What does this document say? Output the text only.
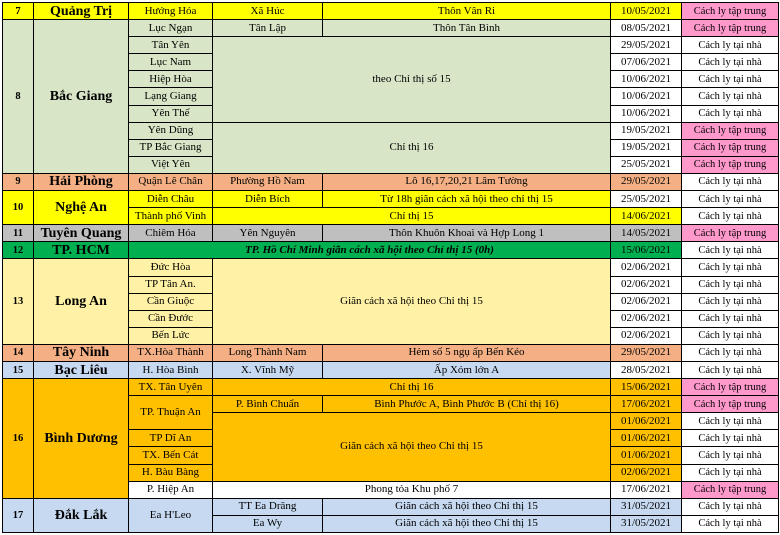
7	Quảng Trị	Hướng Hóa	Xã Húc	Thôn Vân Ri	10/05/2021	Cách ly tập trung
8	Bắc Giang	Lục Ngạn	Tân Lập	Thôn Tân Bình	08/05/2021	Cách ly tập trung
		Tân Yên	theo Chỉ thị số 15		29/05/2021	Cách ly tại nhà
		Lục Nam			07/06/2021	Cách ly tại nhà
		Hiệp Hòa			10/06/2021	Cách ly tại nhà
		Lạng Giang			10/06/2021	Cách ly tại nhà
		Yên Thế			10/06/2021	Cách ly tại nhà
		Yên Dũng	Chỉ thị 16		19/05/2021	Cách ly tập trung
		TP Bắc Giang			19/05/2021	Cách ly tập trung
		Việt Yên			25/05/2021	Cách ly tập trung
9	Hải Phòng	Quận Lê Chân	Phường Hồ Nam	Lô 16,17,20,21 Lâm Tường	29/05/2021	Cách ly tại nhà
10	Nghệ An	Diễn Châu	Diễn Bích	Từ 18h giãn cách xã hội theo chỉ thị 15	25/05/2021	Cách ly tại nhà
		Thành phố Vinh	Chỉ thị 15		14/06/2021	Cách ly tại nhà
11	Tuyên Quang	Chiêm Hóa	Yên Nguyên	Thôn Khuôn Khoai và Hợp Long 1	14/05/2021	Cách ly tập trung
12	TP. HCM	TP. Hồ Chí Minh giãn cách xã hội theo Chỉ thị 15 (0h)			15/06/2021	Cách ly tại nhà
13	Long An	Đức Hòa	Giãn cách xã hội theo Chỉ thị 15		02/06/2021	Cách ly tại nhà
		TP Tân An.			02/06/2021	Cách ly tại nhà
		Cần Giuộc			02/06/2021	Cách ly tại nhà
		Cần Đước			02/06/2021	Cách ly tại nhà
		Bến Lức			02/06/2021	Cách ly tại nhà
14	Tây Ninh	TX.Hòa Thành	Long Thành Nam	Hẻm số 5 ngụ ấp Bến Kéo	29/05/2021	Cách ly tại nhà
15	Bạc Liêu	H. Hòa Bình	X. Vĩnh Mỹ	Ấp Xóm lớn A	28/05/2021	Cách ly tại nhà
16	Bình Dương	TX. Tân Uyên	Chỉ thị 16		15/06/2021	Cách ly tập trung
		TP. Thuận An	P. Bình Chuẩn	Bình Phước A, Bình Phước B (Chỉ thị 16)	17/06/2021	Cách ly tập trung
			Giãn cách xã hội theo Chỉ thị 15		01/06/2021	Cách ly tại nhà
		TP Dĩ An			01/06/2021	Cách ly tại nhà
		TX. Bến Cát			01/06/2021	Cách ly tại nhà
		H. Bàu Bàng			02/06/2021	Cách ly tại nhà
		P. Hiệp An	Phong tỏa Khu phố 7		17/06/2021	Cách ly tập trung
17	Đắk Lắk	Ea H'Leo	TT Ea Drăng	Giãn cách xã hội theo Chỉ thị 15	31/05/2021	Cách ly tại nhà
			Ea Wy	Giãn cách xã hội theo Chỉ thị 15	31/05/2021	Cách ly tại nhà
